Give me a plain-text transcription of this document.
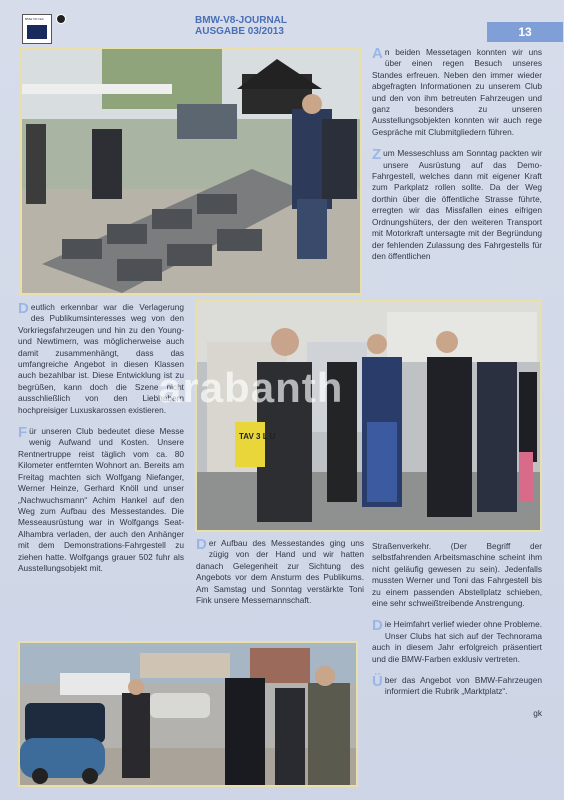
BMW V8 Club	BMW-V8-JOURNAL
AUSGABE 03/2013	13

An beiden Messetagen konnten wir uns über einen regen Besuch unseres Standes erfreuen. Neben den immer wieder abgefragten Informationen zu unserem Club und den von ihm betreuten Fahrzeugen und ganz besonders zu unseren Ausstellungsobjekten konnten wir auch rege Gespräche mit Clubmitgliedern führen.

Zum Messeschluss am Sonntag packten wir unsere Ausrüstung auf das Demo-Fahrgestell, welches dann mit eigener Kraft zum Parkplatz rollen sollte. Da der Weg dorthin über die öffentliche Strasse führte, erregten wir das Missfallen eines eifrigen Ordnungshüters, der den weiteren Transport mit Motorkraft untersagte mit der Begründung der fehlenden Zulassung des Fahrgestells für den öffentlichen

Deutlich erkennbar war die Verlagerung des Publikumsinteresses weg von den Vorkriegsfahrzeugen und hin zu den Young- und Newtimern, was möglicherweise auch damit zusammenhängt, dass das umfangreiche Angebot in diesen Klassen auch bezahlbar ist. Diese Entwicklung ist zu begrüßen, kann doch die Szene nicht ausschließlich von den Liebhabern hochpreisiger Luxuskarossen existieren.

Für unseren Club bedeutet diese Messe wenig Aufwand und Kosten. Unsere Rentnertruppe reist täglich vom ca. 80 Kilometer entfernten Wohnort an. Bereits am Freitag machten sich Wolfgang Niefanger, Werner Heinze, Gerhard Knöll und unser „Nachwuchsmann“ Achim Hankel auf den Weg zum Aufbau des Messestandes. Die Messeausrüstung war in Wolfgangs Seat-Alhambra verladen, der auch den Anhänger mit dem Demonstrations-Fahrgestell zu ziehen hatte. Wolfgangs grauer 502 fuhr als Ausstellungsobjekt mit.

TAV 3 L U
arabanth

Der Aufbau des Messestandes ging uns zügig von der Hand und wir hatten danach Gelegenheit zur Sichtung des Angebots vor dem Ansturm des Publikums. Am Samstag und Sonntag verstärkte Toni Fink unsere Messemannschaft.

Straßenverkehr. (Der Begriff der selbstfahrenden Arbeitsmaschine scheint ihm nicht geläufig gewesen zu sein). Jedenfalls mussten Werner und Toni das Fahrgestell bis zu einem passenden Abstellplatz schieben, eine sehr schweißtreibende Anstrengung.

Die Heimfahrt verlief wieder ohne Probleme. Unser Clubs hat sich auf der Technorama auch in diesem Jahr erfolgreich präsentiert und die BMW-Farben exklusiv vertreten.

Über das Angebot von BMW-Fahrzeugen informiert die Rubrik „Marktplatz“.

gk
